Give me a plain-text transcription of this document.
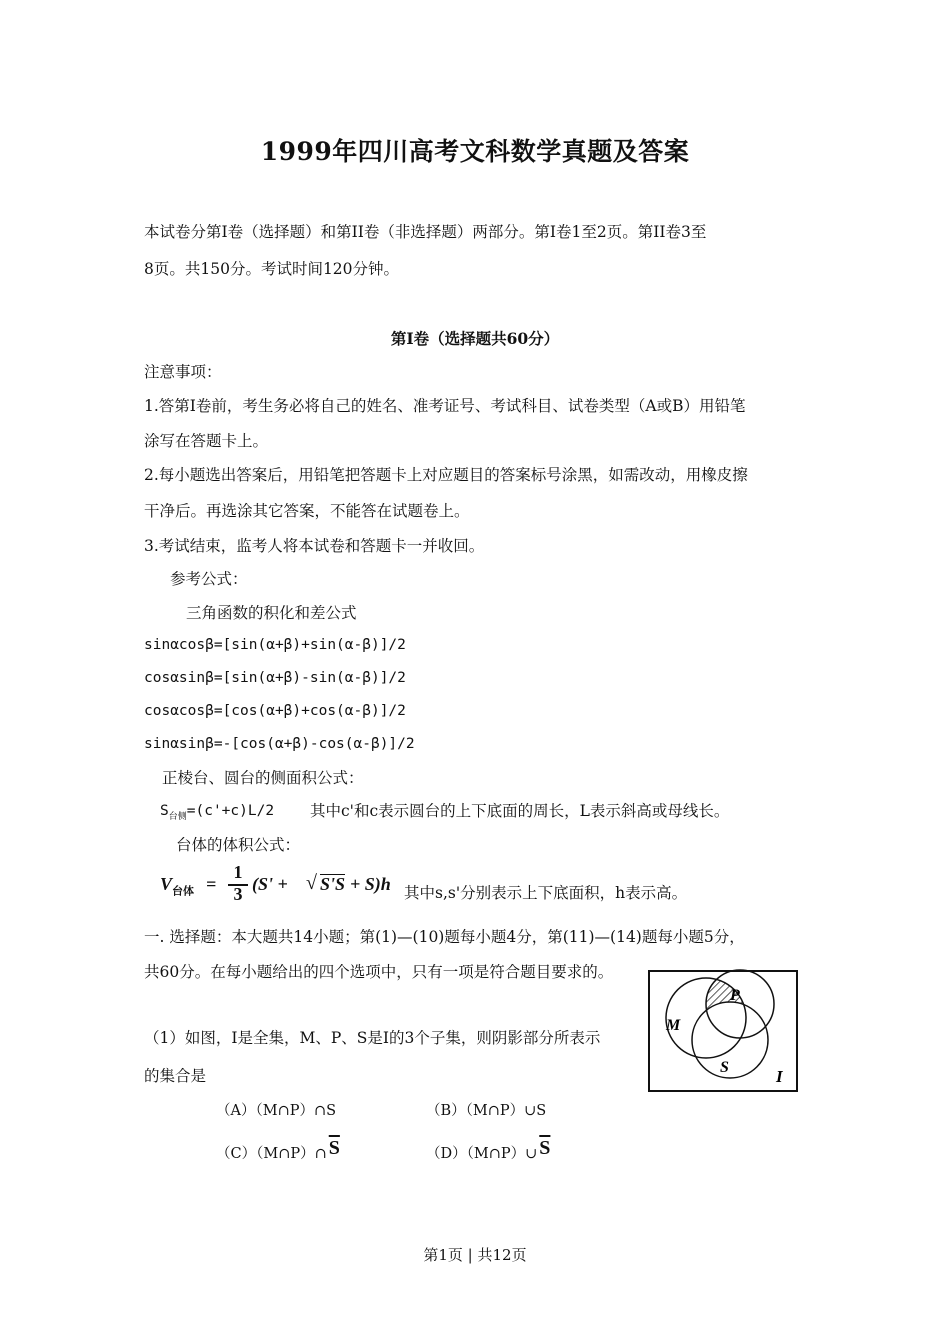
1999年四川高考文科数学真题及答案
本试卷分第Ⅰ卷（选择题）和第II卷（非选择题）两部分。第Ⅰ卷1至2页。第II卷3至
8页。共150分。考试时间120分钟。
第Ⅰ卷（选择题共60分）
注意事项：
1.答第Ⅰ卷前，考生务必将自己的姓名、准考证号、考试科目、试卷类型（A或B）用铅笔
涂写在答题卡上。
2.每小题选出答案后，用铅笔把答题卡上对应题目的答案标号涂黑，如需改动，用橡皮擦
干净后。再选涂其它答案，不能答在试题卷上。
3.考试结束，监考人将本试卷和答题卡一并收回。
参考公式：
三角函数的积化和差公式
sinαcosβ=[sin(α+β)+sin(α-β)]/2
cosαsinβ=[sin(α+β)-sin(α-β)]/2
cosαcosβ=[cos(α+β)+cos(α-β)]/2
sinαsinβ=-[cos(α+β)-cos(α-β)]/2
正棱台、圆台的侧面积公式：
$S_{台侧}=(c'+c)L/2$ 其中c'和c表示圆台的上下底面的周长，L表示斜高或母线长。
台体的体积公式：
$V_{台体}$ =
1
3 (S' + √ S'S + S)h 其中s,s'分别表示上下底面积，h表示高。
一. 选择题：本大题共14小题；第(1)—(10)题每小题4分，第(11)—(14)题每小题5分，
共60分。在每小题给出的四个选项中，只有一项是符合题目要求的。
（1）如图，I是全集，M、P、S是I的3个子集，则阴影部分所表示
的集合是
M
P
S	I
（A）（M∩P）∩S	（B）（M∩P）∪S
（C）（M∩P）∩ $\overline{S}$	（D）（M∩P）∪ $\overline{S}$
第1页 | 共12页
